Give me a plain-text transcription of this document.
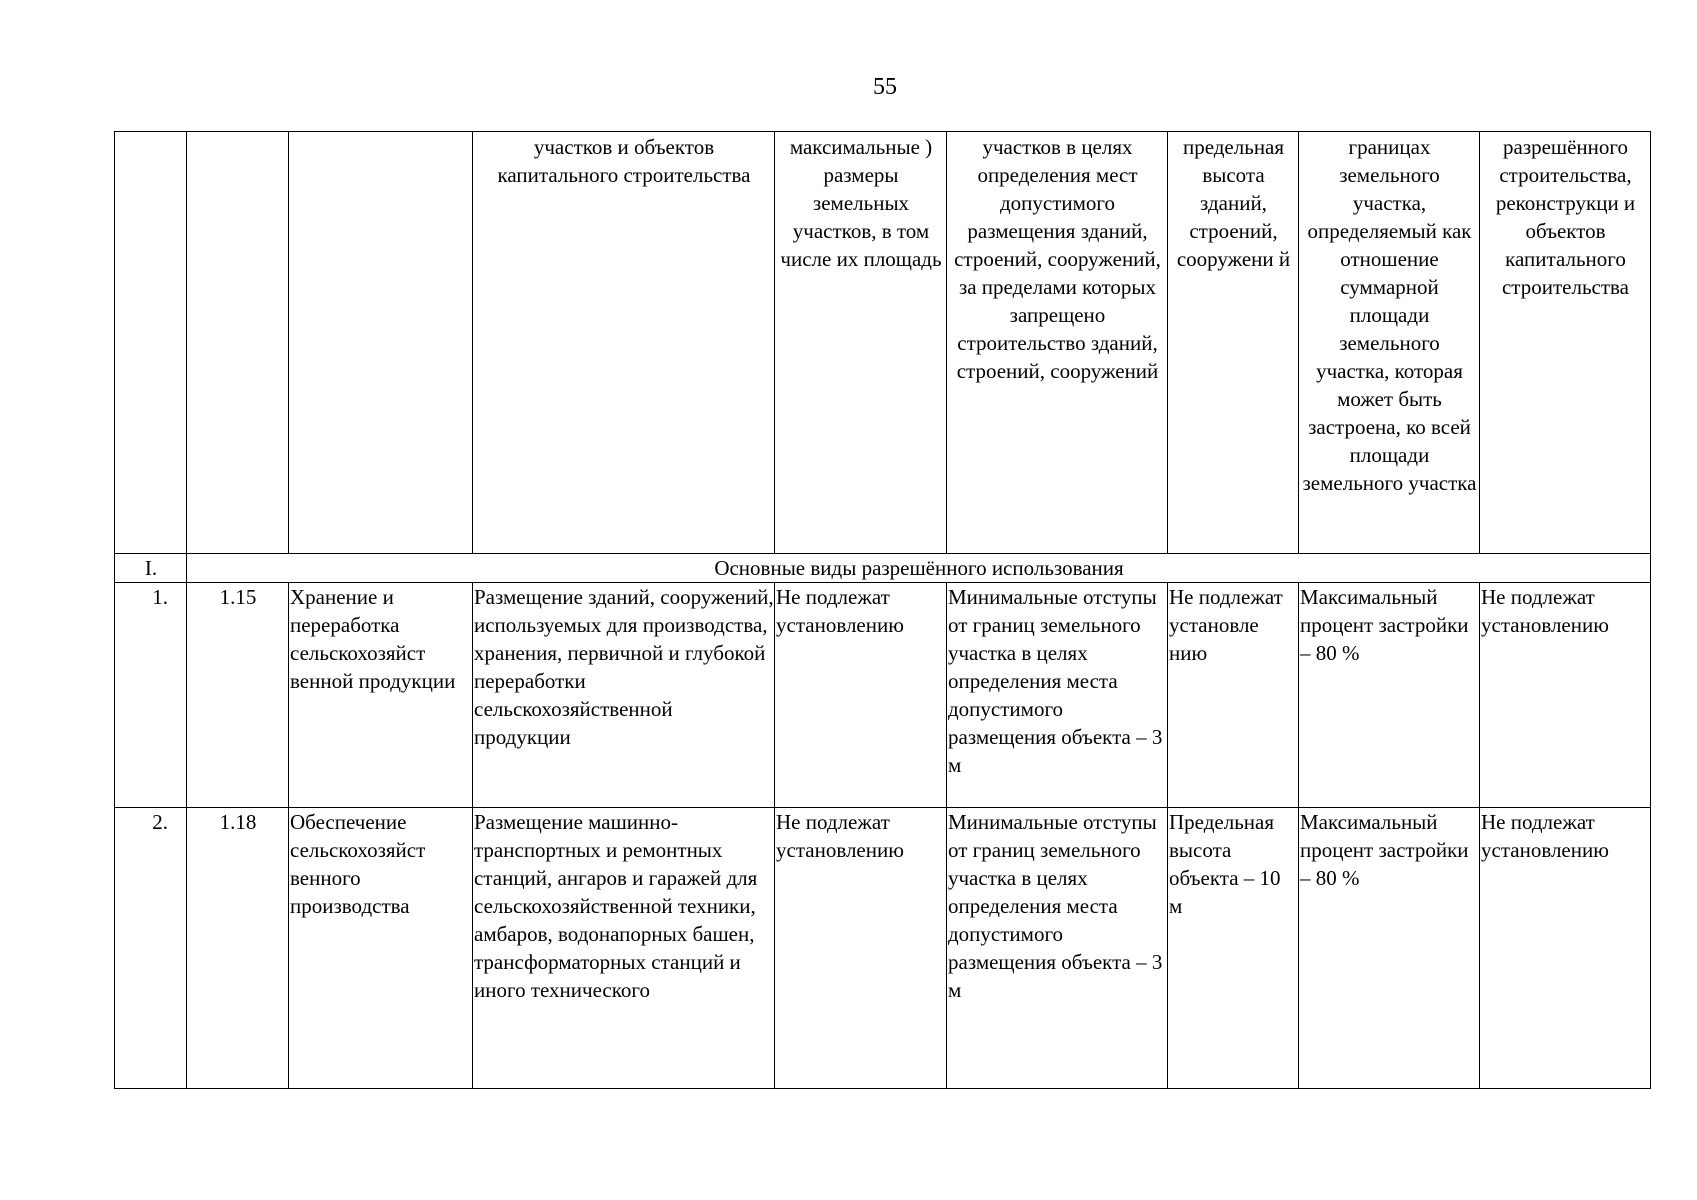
55
			участков и объектов капитального строительства	максимальные ) размеры земельных участков, в том числе их площадь	участков в целях определения мест допустимого размещения зданий, строений, сооружений, за пределами которых запрещено строительство зданий, строений, сооружений	предельная высота зданий, строений, сооружени й	границах земельного участка, определяемый как отношение суммарной площади земельного участка, которая может быть застроена, ко всей площади земельного участка	разрешённого строительства, реконструкци и объектов капитального строительства
I.	Основные виды разрешённого использования							
1.	1.15	Хранение и переработка сельскохозяйст венной продукции	Размещение зданий, сооружений, используемых для производства, хранения, первичной и глубокой переработки сельскохозяйственной продукции	Не подлежат установлению	Минимальные отступы от границ земельного участка в целях определения места допустимого размещения объекта – 3 м	Не подлежат установле нию	Максимальный процент застройки – 80 %	Не подлежат установлению
2.	1.18	Обеспечение сельскохозяйст венного производства	Размещение машинно-транспортных и ремонтных станций, ангаров и гаражей для сельскохозяйственной техники, амбаров, водонапорных башен, трансформаторных станций и иного технического	Не подлежат установлению	Минимальные отступы от границ земельного участка в целях определения места допустимого размещения объекта – 3 м	Предельная высота объекта – 10 м	Максимальный процент застройки – 80 %	Не подлежат установлению
